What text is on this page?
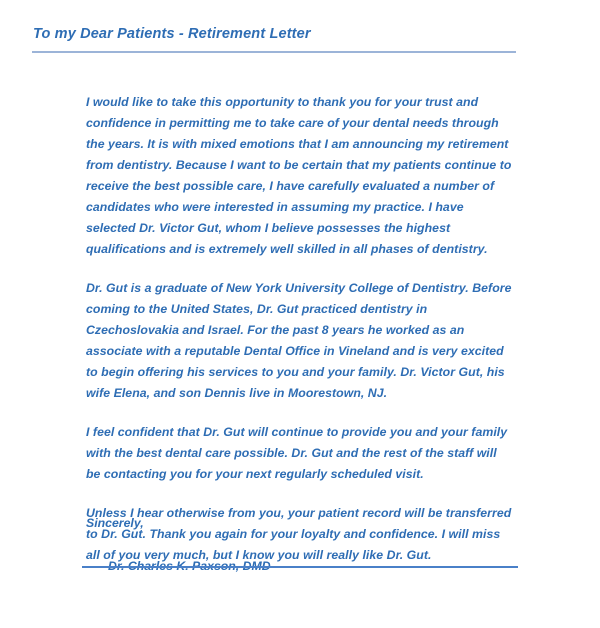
To my Dear Patients - Retirement Letter

I would like to take this opportunity to thank you for your trust and confidence in permitting me to take care of your dental needs through the years. It is with mixed emotions that I am announcing my retirement from dentistry. Because I want to be certain that my patients continue to receive the best possible care, I have carefully evaluated a number of candidates who were interested in assuming my practice. I have selected Dr. Victor Gut, whom I believe possesses the highest qualifications and is extremely well skilled in all phases of dentistry.

Dr. Gut is a graduate of New York University College of Dentistry. Before coming to the United States, Dr. Gut practiced dentistry in Czechoslovakia and Israel. For the past 8 years he worked as an associate with a reputable Dental Office in Vineland and is very excited to begin offering his services to you and your family. Dr. Victor Gut, his wife Elena, and son Dennis live in Moorestown, NJ.

I feel confident that Dr. Gut will continue to provide you and your family with the best dental care possible. Dr. Gut and the rest of the staff will be contacting you for your next regularly scheduled visit.

Unless I hear otherwise from you, your patient record will be transferred to Dr. Gut. Thank you again for your loyalty and confidence. I will miss all of you very much, but I know you will really like Dr. Gut.

Sincerely,
